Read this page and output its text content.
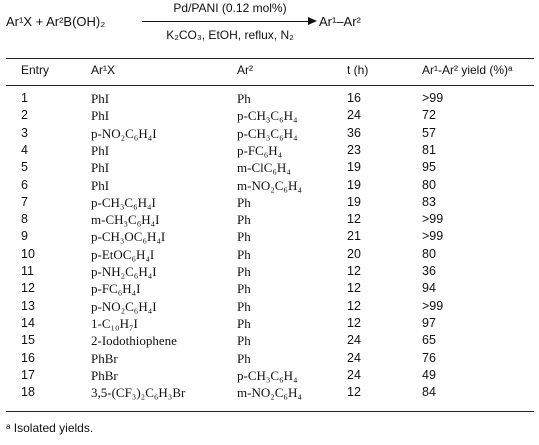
Ar¹X + Ar²B(OH)₂
Pd/PANI (0.12 mol%)
K₂CO₃, EtOH, reflux, N₂
Ar¹–Ar²
Entry	Ar¹X	Ar²	t (h)	Ar¹-Ar² yield (%)ᵃ
1	PhI	Ph	16	>99
2	PhI	p-CH₃C₆H₄	24	72
3	p-NO₂C₆H₄I	p-CH₃C₆H₄	36	57
4	PhI	p-FC₆H₄	23	81
5	PhI	m-ClC₆H₄	19	95
6	PhI	m-NO₂C₆H₄	19	80
7	p-CH₃C₆H₄I	Ph	19	83
8	m-CH₃C₆H₄I	Ph	12	>99
9	p-CH₃OC₆H₄I	Ph	21	>99
10	p-EtOC₆H₄I	Ph	20	80
11	p-NH₂C₆H₄I	Ph	12	36
12	p-FC₆H₄I	Ph	12	94
13	p-NO₂C₆H₄I	Ph	12	>99
14	1-C₁₀H₇I	Ph	12	97
15	2-Iodothiophene	Ph	24	65
16	PhBr	Ph	24	76
17	PhBr	p-CH₃C₆H₄	24	49
18	3,5-(CF₃)₂C₆H₃Br	m-NO₂C₆H₄	12	84
ᵃ Isolated yields.
